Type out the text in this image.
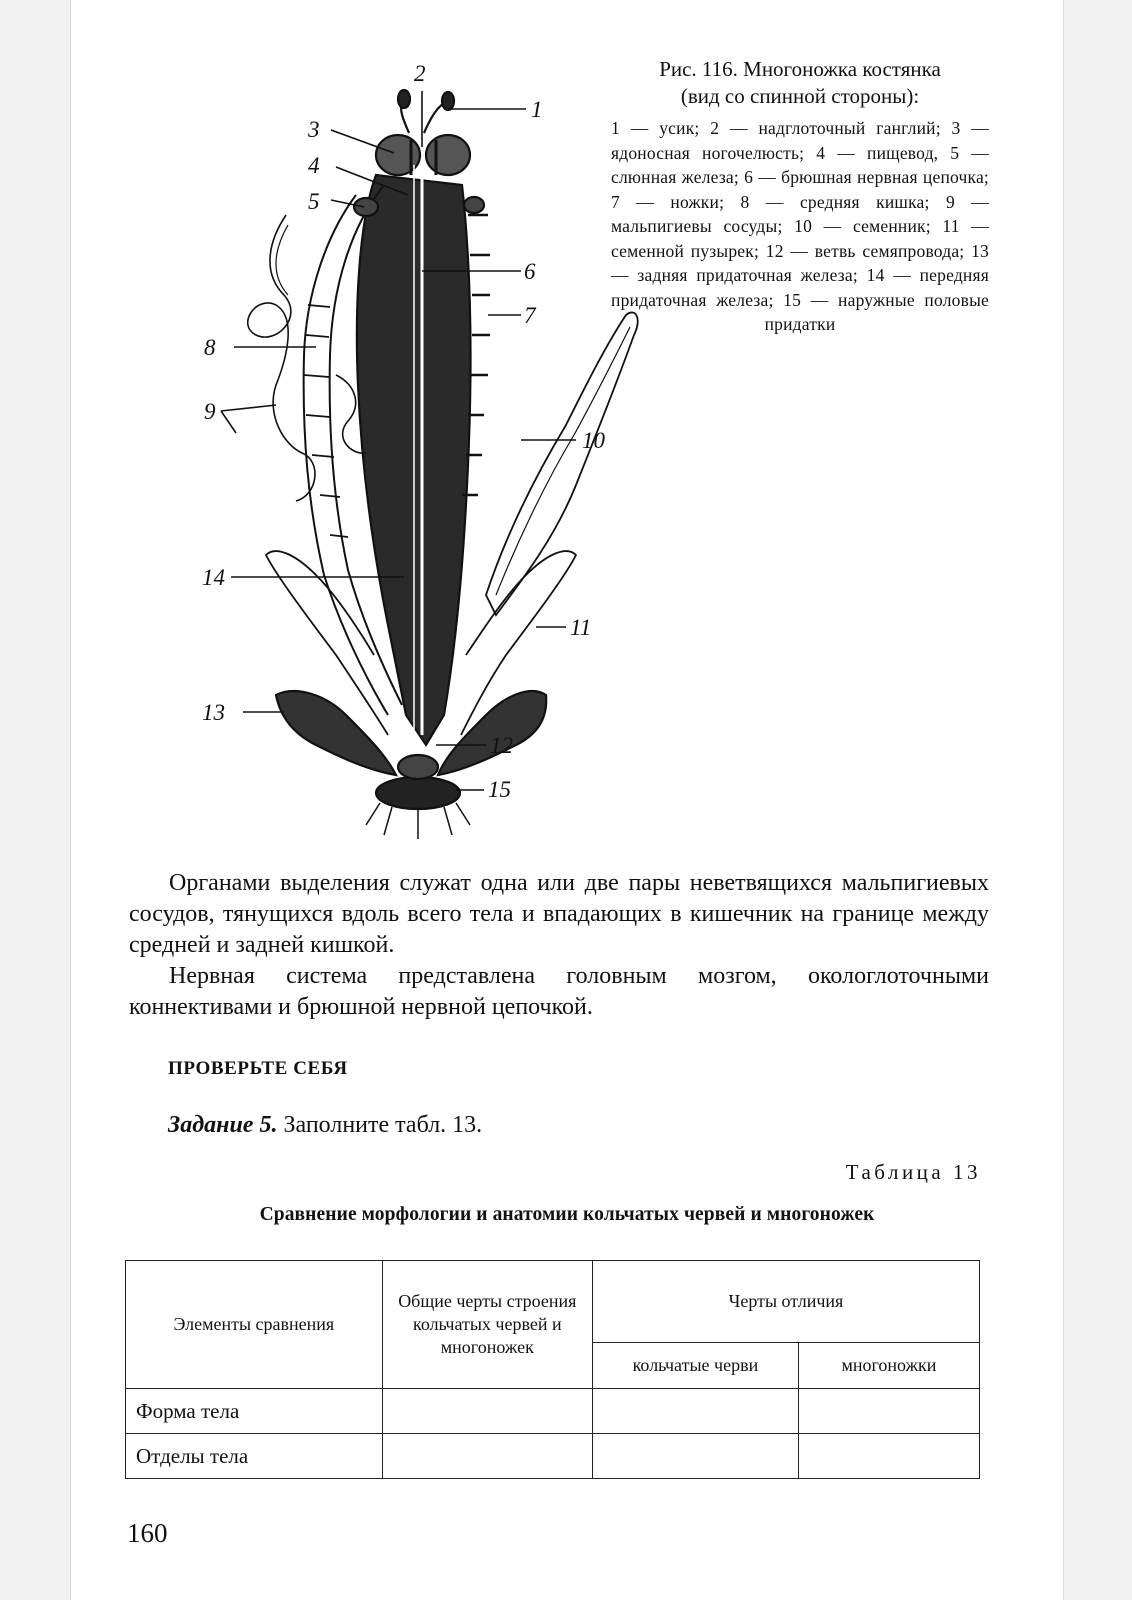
1
2
3
4
5
6
7
8
9
10
11
12
13
14
15
Рис. 116. Многоножка костянка
(вид со спинной стороны):
1 — усик; 2 — надглоточный ганглий; 3 — ядоносная ногочелюсть; 4 — пищевод, 5 — слюнная железа; 6 — брюшная нервная цепочка; 7 — ножки; 8 — средняя кишка; 9 — мальпигиевы сосуды; 10 — семенник; 11 — семенной пузырек; 12 — ветвь семяпровода; 13 — задняя придаточная железа; 14 — передняя придаточная железа; 15 — наружные половые придатки

Органами выделения служат одна или две пары неветвящихся мальпигиевых сосудов, тянущихся вдоль всего тела и впадающих в кишечник на границе между средней и задней кишкой.

Нервная система представлена головным мозгом, окологлоточными коннективами и брюшной нервной цепочкой.

ПРОВЕРЬТЕ СЕБЯ
Задание 5. Заполните табл. 13.
Таблица 13
Сравнение морфологии и анатомии кольчатых червей и многоножек
Элементы сравнения	Общие черты строения кольчатых червей и многоножек	Черты отличия	
		кольчатые черви	многоножки
Форма тела			
Отделы тела			
160
